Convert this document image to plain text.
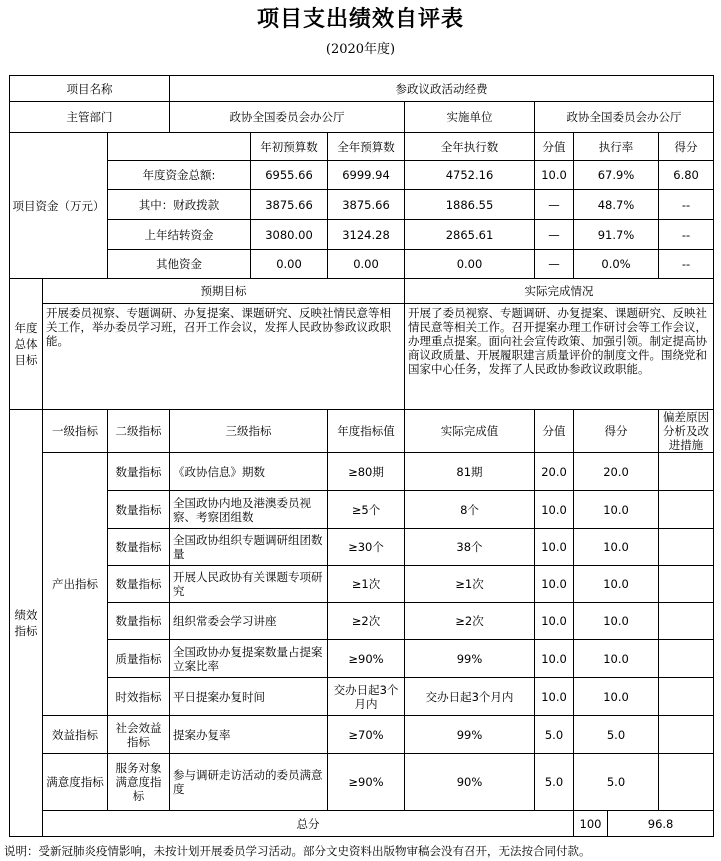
项目支出绩效自评表
(2020年度)
项目名称			参政议政活动经费								
主管部门			政协全国委员会办公厅			实施单位	政协全国委员会办公厅				
项目资金（万元）				年初预算数	全年预算数	全年执行数	分值	执行率		得分	
		年度资金总额:		6955.66	6999.94	4752.16	10.0	67.9%		6.80	
		其中：财政拨款		3875.66	3875.66	1886.55	—	48.7%		--	
		上年结转资金		3080.00	3124.28	2865.61	—	91.7%		--	
		其他资金		0.00	0.00	0.00	—	0.0%		--	
年度总体目标	预期目标					实际完成情况					
	开展委员视察、专题调研、办复提案、课题研究、反映社情民意等相关工作，举办委员学习班，召开工作会议，发挥人民政协参政议政职能。					开展了委员视察、专题调研、办复提案、课题研究、反映社情民意等相关工作。召开提案办理工作研讨会等工作会议，办理重点提案。面向社会宣传政策、加强引领。制定提高协商议政质量、开展履职建言质量评价的制度文件。围绕党和国家中心任务，发挥了人民政协参政议政职能。					
绩效指标	一级指标	二级指标	三级指标		年度指标值	实际完成值	分值	得分		偏差原因分析及改进措施	
	产出指标	数量指标	《政协信息》期数		≥80期	81期	20.0	20.0			
		数量指标	全国政协内地及港澳委员视察、考察团组数		≥5个	8个	10.0	10.0			
		数量指标	全国政协组织专题调研组团数量		≥30个	38个	10.0	10.0			
		数量指标	开展人民政协有关课题专项研究		≥1次	≥1次	10.0	10.0			
		数量指标	组织常委会学习讲座		≥2次	≥2次	10.0	10.0			
		质量指标	全国政协办复提案数量占提案立案比率		≥90%	99%	10.0	10.0			
		时效指标	平日提案办复时间		交办日起3个月内	交办日起3个月内	10.0	10.0			
	效益指标	社会效益指标	提案办复率		≥70%	99%	5.0	5.0			
	满意度指标	服务对象满意度指标	参与调研走访活动的委员满意度		≥90%	90%	5.0	5.0			
	总分							100	96.8		
说明：受新冠肺炎疫情影响，未按计划开展委员学习活动。部分文史资料出版物审稿会没有召开，无法按合同付款。
